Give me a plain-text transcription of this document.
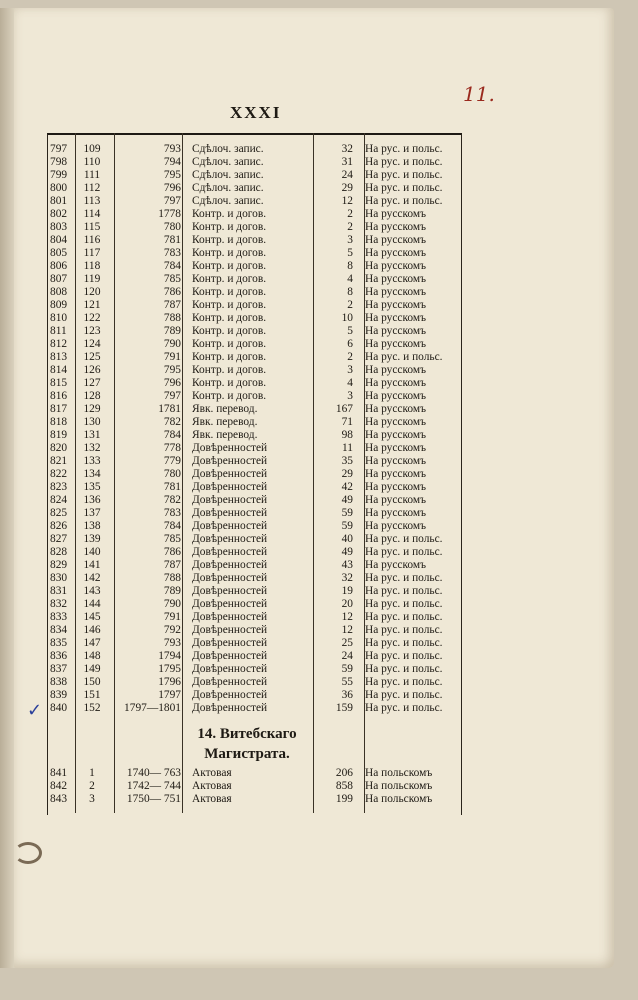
XXXI
11.
797	109	793 Сдѣлоч. запис.	32 На рус. и польс.
798	110	794 Сдѣлоч. запис.	31 На рус. и польс.
799	111	795 Сдѣлоч. запис.	24 На рус. и польс.
800	112	796 Сдѣлоч. запис.	29 На рус. и польс.
801	113	797 Сдѣлоч. запис.	12 На рус. и польс.
802	114	1778 Контр. и догов.	2 На русскомъ
803	115	780 Контр. и догов.	2 На русскомъ
804	116	781 Контр. и догов.	3 На русскомъ
805	117	783 Контр. и догов.	5 На русскомъ
806	118	784 Контр. и догов.	8 На русскомъ
807	119	785 Контр. и догов.	4 На русскомъ
808	120	786 Контр. и догов.	8 На русскомъ
809	121	787 Контр. и догов.	2 На русскомъ
810	122	788 Контр. и догов.	10 На русскомъ
811	123	789 Контр. и догов.	5 На русскомъ
812	124	790 Контр. и догов.	6 На русскомъ
813	125	791 Контр. и догов.	2 На рус. и польс.
814	126	795 Контр. и догов.	3 На русскомъ
815	127	796 Контр. и догов.	4 На русскомъ
816	128	797 Контр. и догов.	3 На русскомъ
817	129	1781 Явк. перевод.	167 На русскомъ
818	130	782 Явк. перевод.	71 На русскомъ
819	131	784 Явк. перевод.	98 На русскомъ
820	132	778 Довѣренностей	11 На русскомъ
821	133	779 Довѣренностей	35 На русскомъ
822	134	780 Довѣренностей	29 На русскомъ
823	135	781 Довѣренностей	42 На русскомъ
824	136	782 Довѣренностей	49 На русскомъ
825	137	783 Довѣренностей	59 На русскомъ
826	138	784 Довѣренностей	59 На русскомъ
827	139	785 Довѣренностей	40 На рус. и польс.
828	140	786 Довѣренностей	49 На рус. и польс.
829	141	787 Довѣренностей	43 На русскомъ
830	142	788 Довѣренностей	32 На рус. и польс.
831	143	789 Довѣренностей	19 На рус. и польс.
832	144	790 Довѣренностей	20 На рус. и польс.
833	145	791 Довѣренностей	12 На рус. и польс.
834	146	792 Довѣренностей	12 На рус. и польс.
835	147	793 Довѣренностей	25 На рус. и польс.
836	148	1794 Довѣренностей	24 На рус. и польс.
837	149	1795 Довѣренностей	59 На рус. и польс.
838	150	1796 Довѣренностей	55 На рус. и польс.
839	151	1797 Довѣренностей	36 На рус. и польс.
840	152	1797—1801 Довѣренностей	159 На рус. и польс.
14. Витебскаго
Магистрата.
841	1	1740— 763 Актовая	206 На польскомъ
842	2	1742— 744 Актовая	858 На польскомъ
843	3	1750— 751 Актовая	199 На польскомъ
✓
